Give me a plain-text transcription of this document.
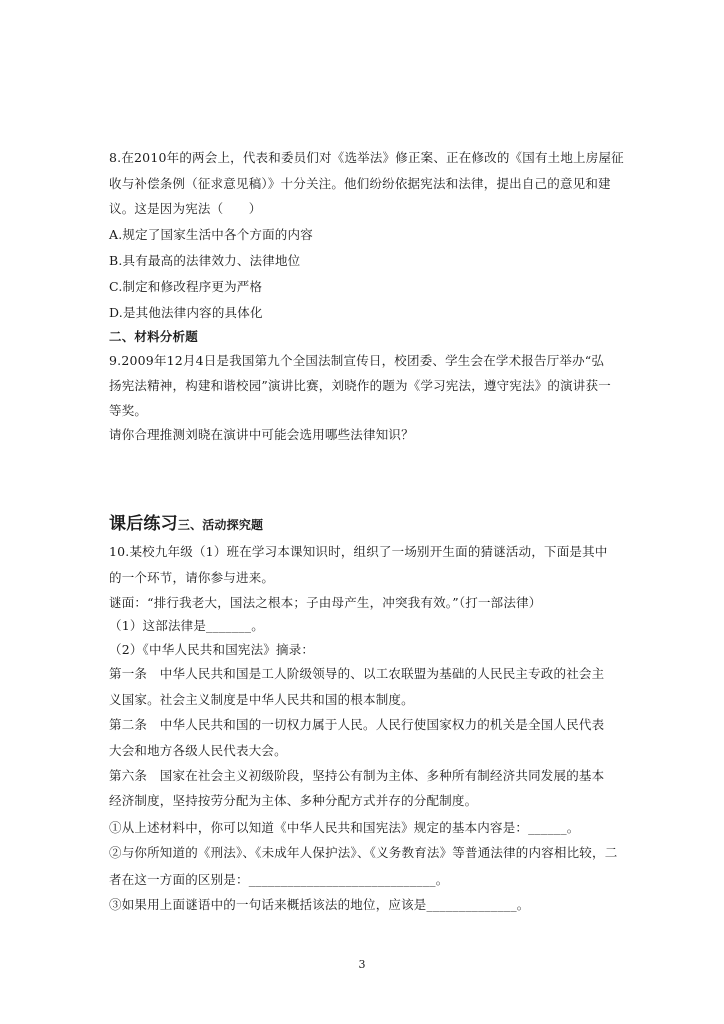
8.在2010年的两会上，代表和委员们对《选举法》修正案、正在修改的《国有土地上房屋征
收与补偿条例（征求意见稿）》十分关注。他们纷纷依据宪法和法律，提出自己的意见和建
议。这是因为宪法（　　）
A.规定了国家生活中各个方面的内容
B.具有最高的法律效力、法律地位
C.制定和修改程序更为严格
D.是其他法律内容的具体化
二、材料分析题
9.2009年12月4日是我国第九个全国法制宣传日，校团委、学生会在学术报告厅举办“弘
扬宪法精神，构建和谐校园”演讲比赛，刘晓作的题为《学习宪法，遵守宪法》的演讲获一
等奖。
请你合理推测刘晓在演讲中可能会选用哪些法律知识？
课后练习三、活动探究题
10.某校九年级（1）班在学习本课知识时，组织了一场别开生面的猜谜活动，下面是其中
的一个环节，请你参与进来。
谜面：“排行我老大，国法之根本；子由母产生，冲突我有效。”（打一部法律）
（1）这部法律是_______。
（2）《中华人民共和国宪法》摘录：
第一条　中华人民共和国是工人阶级领导的、以工农联盟为基础的人民民主专政的社会主
义国家。社会主义制度是中华人民共和国的根本制度。
第二条　中华人民共和国的一切权力属于人民。人民行使国家权力的机关是全国人民代表
大会和地方各级人民代表大会。
第六条　国家在社会主义初级阶段，坚持公有制为主体、多种所有制经济共同发展的基本
经济制度，坚持按劳分配为主体、多种分配方式并存的分配制度。
①从上述材料中，你可以知道《中华人民共和国宪法》规定的基本内容是：______。
②与你所知道的《刑法》、《未成年人保护法》、《义务教育法》等普通法律的内容相比较，二
者在这一方面的区别是：_____________________________。
③如果用上面谜语中的一句话来概括该法的地位，应该是______________。
3
